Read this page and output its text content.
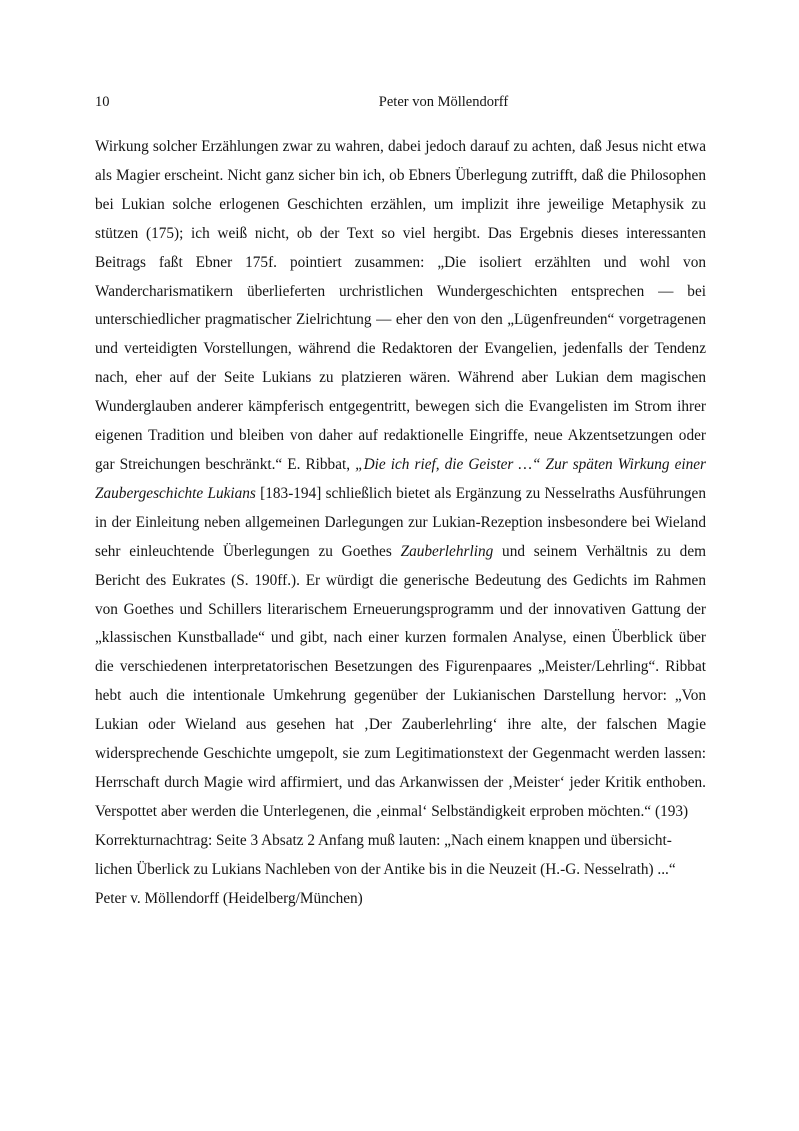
10	Peter von Möllendorff

Wirkung solcher Erzählungen zwar zu wahren, dabei jedoch darauf zu achten, daß Jesus nicht etwa als Magier erscheint. Nicht ganz sicher bin ich, ob Ebners Überlegung zutrifft, daß die Philosophen bei Lukian solche erlogenen Geschichten erzählen, um implizit ihre jeweilige Metaphysik zu stützen (175); ich weiß nicht, ob der Text so viel hergibt. Das Ergebnis dieses interessanten Beitrags faßt Ebner 175f. pointiert zusammen: „Die isoliert erzählten und wohl von Wandercharismatikern überlieferten urchristlichen Wundergeschichten entsprechen — bei unterschiedlicher pragmatischer Zielrichtung — eher den von den „Lügenfreunden“ vorgetragenen und verteidigten Vorstellungen, während die Redaktoren der Evangelien, jedenfalls der Tendenz nach, eher auf der Seite Lukians zu platzieren wären. Während aber Lukian dem magischen Wunderglauben anderer kämpferisch entgegentritt, bewegen sich die Evangelisten im Strom ihrer eigenen Tradition und bleiben von daher auf redaktionelle Eingriffe, neue Akzentsetzungen oder gar Streichungen beschränkt.“ E. Ribbat, „Die ich rief, die Geister …“ Zur späten Wirkung einer Zaubergeschichte Lukians [183-194] schließlich bietet als Ergänzung zu Nesselraths Ausführungen in der Einleitung neben allgemeinen Darlegungen zur Lukian-Rezeption insbesondere bei Wieland sehr einleuchtende Überlegungen zu Goethes Zauberlehrling und seinem Verhältnis zu dem Bericht des Eukrates (S. 190ff.). Er würdigt die generische Bedeutung des Gedichts im Rahmen von Goethes und Schillers literarischem Erneuerungsprogramm und der innovativen Gattung der „klassischen Kunstballade“ und gibt, nach einer kurzen formalen Analyse, einen Überblick über die verschiedenen interpretatorischen Besetzungen des Figurenpaares „Meister/Lehrling“. Ribbat hebt auch die intentionale Umkehrung gegenüber der Lukianischen Darstellung hervor: „Von Lukian oder Wieland aus gesehen hat ‚Der Zauberlehrling‘ ihre alte, der falschen Magie widersprechende Geschichte umgepolt, sie zum Legitimationstext der Gegenmacht werden lassen: Herrschaft durch Magie wird affirmiert, und das Arkanwissen der ‚Meister‘ jeder Kritik enthoben. Verspottet aber werden die Unterlegenen, die ‚einmal‘ Selbständigkeit erproben möchten.“ (193)

Korrekturnachtrag: Seite 3 Absatz 2 Anfang muß lauten: „Nach einem knappen und übersicht-
lichen Überlick zu Lukians Nachleben von der Antike bis in die Neuzeit (H.-G. Nesselrath) ...“

Peter v. Möllendorff (Heidelberg/München)
